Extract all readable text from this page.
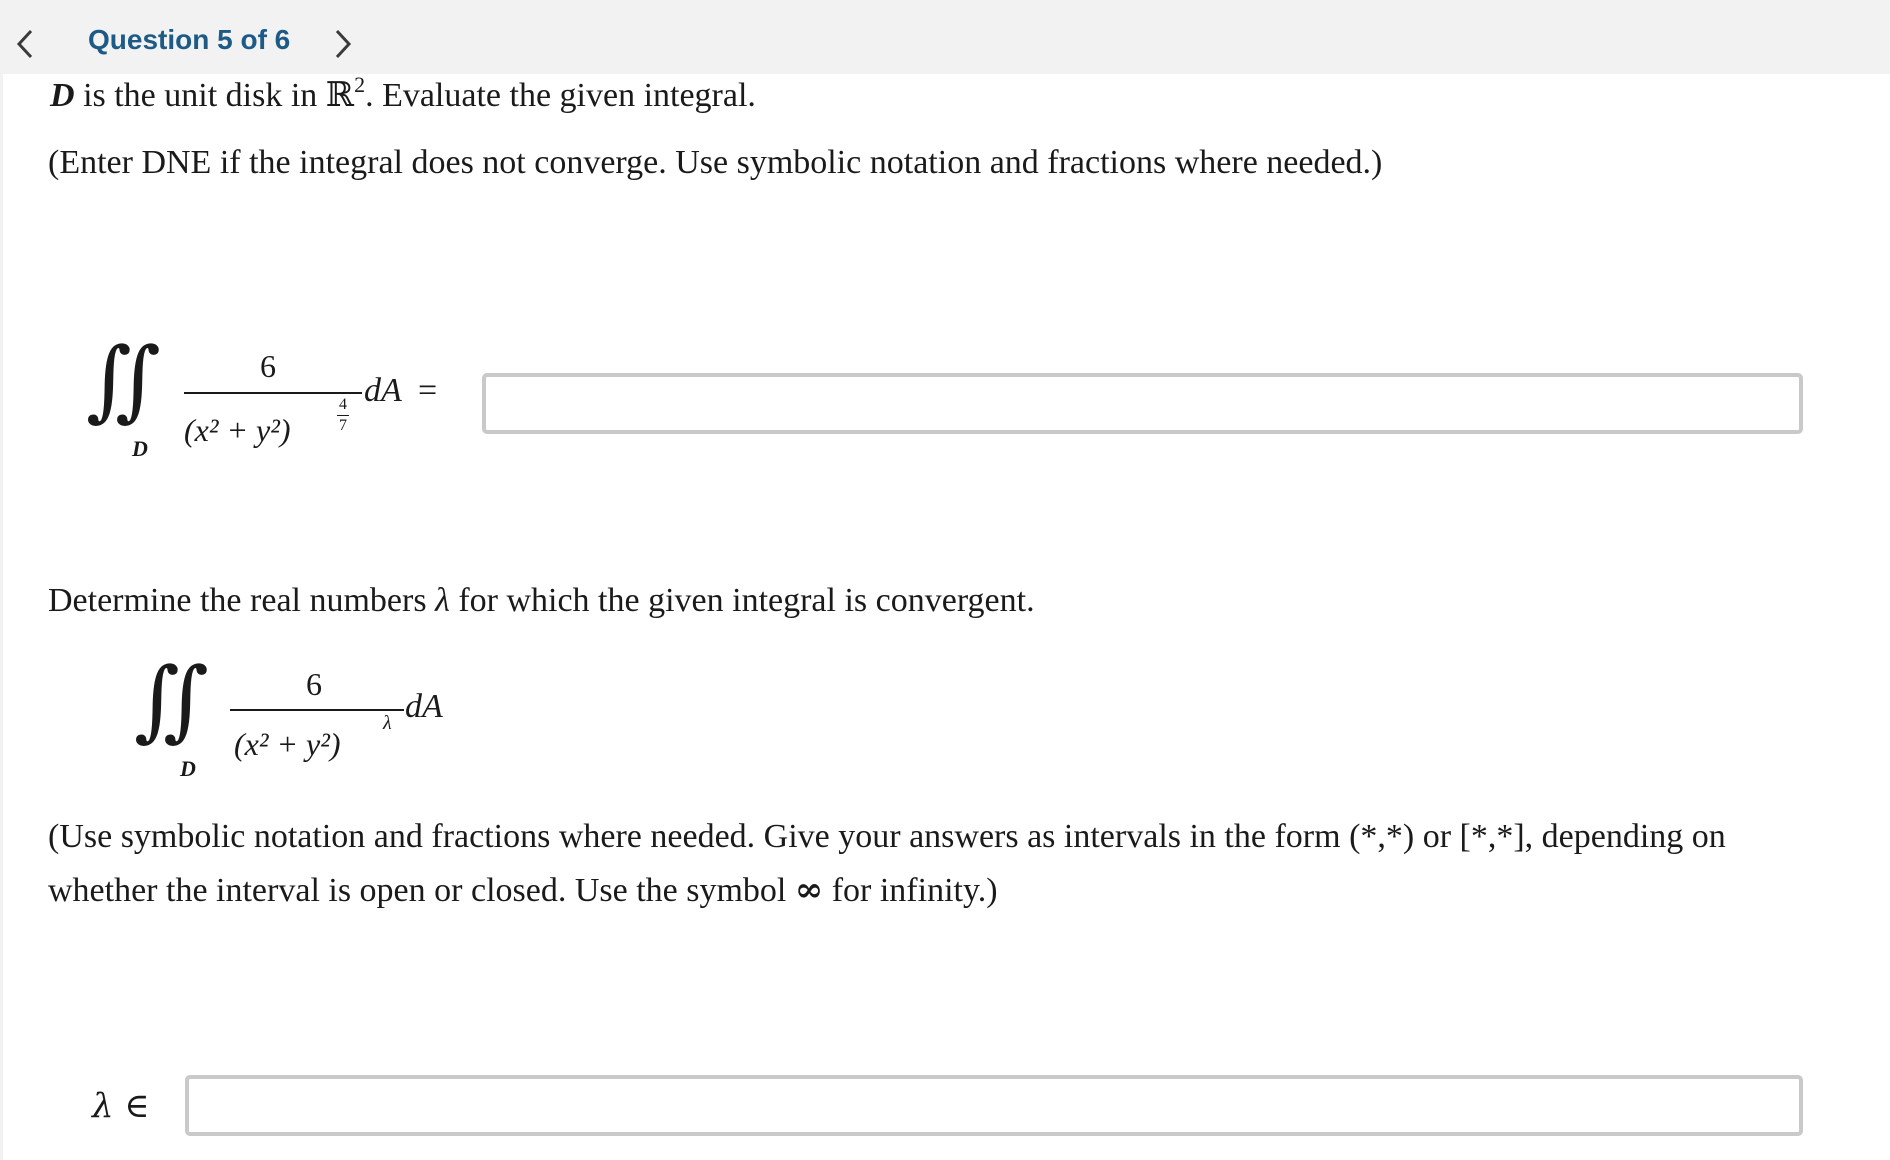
Question 5 of 6
D is the unit disk in ℝ$^2$. Evaluate the given integral.
(Enter DNE if the integral does not converge. Use symbolic notation and fractions where needed.)
∬
D
6
(x² + y²)
4
7
dA =
Determine the real numbers λ for which the given integral is convergent.
∬
D
6
(x² + y²)
λ dA
(Use symbolic notation and fractions where needed. Give your answers as intervals in the form (*,*) or [*,*], depending on
whether the interval is open or closed. Use the symbol ∞ for infinity.)
λ ∈
